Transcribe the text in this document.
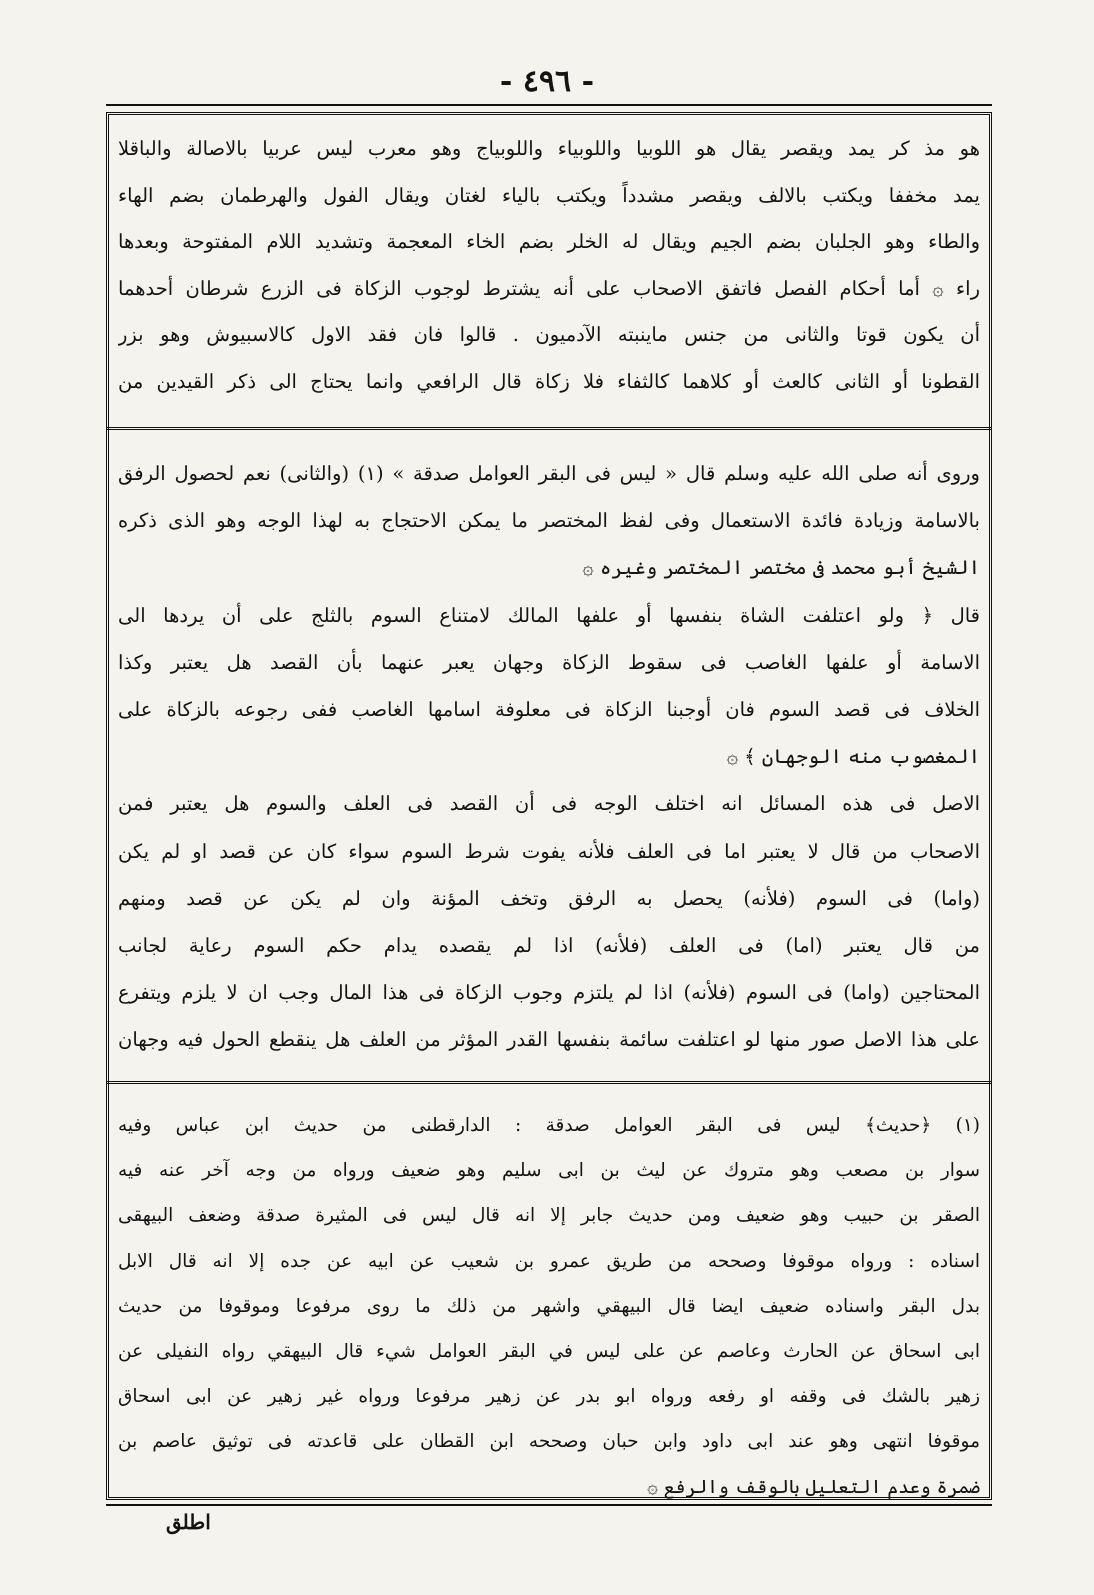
- ٤٩٦ -
هو مذ كر يمد ويقصر يقال هو اللوبيا واللوبياء واللوبياج وهو معرب ليس عربيا بالاصالة والباقلا
يمد مخففا ويكتب بالالف ويقصر مشدداً ويكتب بالياء لغتان ويقال الفول والهرطمان بضم الهاء
والطاء وهو الجلبان بضم الجيم ويقال له الخلر بضم الخاء المعجمة وتشديد اللام المفتوحة وبعدها
راء ۞ أما أحكام الفصل فاتفق الاصحاب على أنه يشترط لوجوب الزكاة فى الزرع شرطان أحدهما
أن يكون قوتا والثانى من جنس ماينبته الآدميون . قالوا فان فقد الاول كالاسبيوش وهو بزر
القطونا أو الثانى كالعث أو كلاهما كالثفاء فلا زكاة قال الرافعي وانما يحتاج الى ذكر القيدين من
وروى أنه صلى الله عليه وسلم قال « ليس فى البقر العوامل صدقة » (١) (والثانى) نعم لحصول الرفق
بالاسامة وزيادة فائدة الاستعمال وفى لفظ المختصر ما يمكن الاحتجاج به لهذا الوجه وهو الذى ذكره
الشيخ أبو محمد فى مختصر المختصر وغيره ۞
قال ﴿ ولو اعتلفت الشاة بنفسها أو علفها المالك لامتناع السوم بالثلج على أن يردها الى
الاسامة أو علفها الغاصب فى سقوط الزكاة وجهان يعبر عنهما بأن القصد هل يعتبر وكذا
الخلاف فى قصد السوم فان أوجبنا الزكاة فى معلوفة اسامها الغاصب ففى رجوعه بالزكاة على
المغصوب منه الوجهان ﴾ ۞
الاصل فى هذه المسائل انه اختلف الوجه فى أن القصد فى العلف والسوم هل يعتبر فمن
الاصحاب من قال لا يعتبر اما فى العلف فلأنه يفوت شرط السوم سواء كان عن قصد او لم يكن
(واما) فى السوم (فلأنه) يحصل به الرفق وتخف المؤنة وان لم يكن عن قصد ومنهم
من قال يعتبر (اما) فى العلف (فلأنه) اذا لم يقصده يدام حكم السوم رعاية لجانب
المحتاجين (واما) فى السوم (فلأنه) اذا لم يلتزم وجوب الزكاة فى هذا المال وجب ان لا يلزم ويتفرع
على هذا الاصل صور منها لو اعتلفت سائمة بنفسها القدر المؤثر من العلف هل ينقطع الحول فيه وجهان
(١) ﴿حديث﴾ ليس فى البقر العوامل صدقة : الدارقطنى من حديث ابن عباس وفيه
سوار بن مصعب وهو متروك عن ليث بن ابى سليم وهو ضعيف ورواه من وجه آخر عنه فيه
الصقر بن حبيب وهو ضعيف ومن حديث جابر إلا انه قال ليس فى المثيرة صدقة وضعف البيهقى
اسناده : ورواه موقوفا وصححه من طريق عمرو بن شعيب عن ابيه عن جده إلا انه قال الابل
بدل البقر واسناده ضعيف ايضا قال البيهقي واشهر من ذلك ما روى مرفوعا وموقوفا من حديث
ابى اسحاق عن الحارث وعاصم عن على ليس في البقر العوامل شيء قال البيهقي رواه النفيلى عن
زهير بالشك فى وقفه او رفعه ورواه ابو بدر عن زهير مرفوعا ورواه غير زهير عن ابى اسحاق
موقوفا انتهى وهو عند ابى داود وابن حبان وصححه ابن القطان على قاعدته فى توثيق عاصم بن
ضمرة وعدم التعليل بالوقف والرفع ۞
اطلق
